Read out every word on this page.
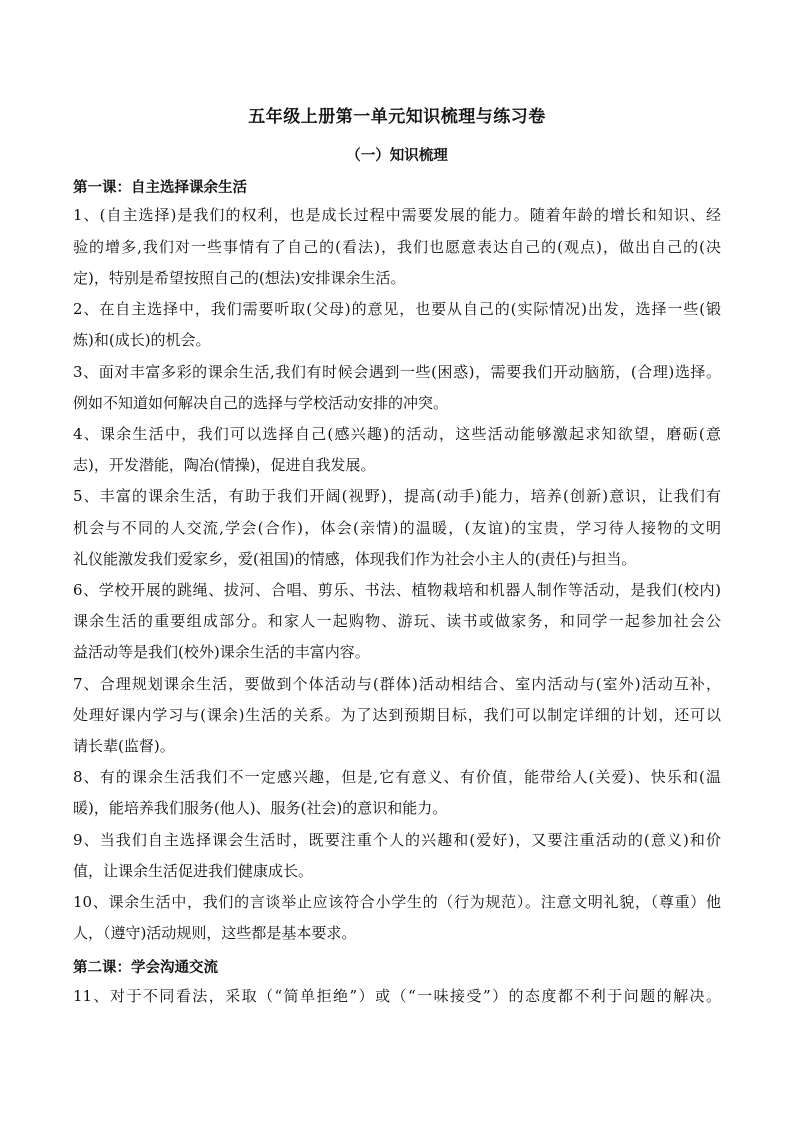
五年级上册第一单元知识梳理与练习卷
（一）知识梳理
第一课：自主选择课余生活
1、(自主选择)是我们的权利，也是成长过程中需要发展的能力。随着年龄的增长和知识、经
验的增多,我们对一些事情有了自己的(看法)，我们也愿意表达自己的(观点)，做出自己的(决
定)，特别是希望按照自己的(想法)安排课余生活。
2、在自主选择中，我们需要听取(父母)的意见，也要从自己的(实际情况)出发，选择一些(锻
炼)和(成长)的机会。
3、面对丰富多彩的课余生活,我们有时候会遇到一些(困惑)，需要我们开动脑筋，(合理)选择。
例如不知道如何解决自己的选择与学校活动安排的冲突。
4、课余生活中，我们可以选择自己(感兴趣)的活动，这些活动能够激起求知欲望，磨砺(意
志)，开发潜能，陶冶(情操)，促进自我发展。
5、丰富的课余生活，有助于我们开阔(视野)，提高(动手)能力，培养(创新)意识，让我们有
机会与不同的人交流,学会(合作)，体会(亲情)的温暖，(友谊)的宝贵，学习待人接物的文明
礼仪能激发我们爱家乡，爱(祖国)的情感，体现我们作为社会小主人的(责任)与担当。
6、学校开展的跳绳、拔河、合唱、剪乐、书法、植物栽培和机器人制作等活动，是我们(校内)
课余生活的重要组成部分。和家人一起购物、游玩、读书或做家务，和同学一起参加社会公
益活动等是我们(校外)课余生活的丰富内容。
7、合理规划课余生活，要做到个体活动与(群体)活动相结合、室内活动与(室外)活动互补，
处理好课内学习与(课余)生活的关系。为了达到预期目标，我们可以制定详细的计划，还可以
请长辈(监督)。
8、有的课余生活我们不一定感兴趣，但是,它有意义、有价值，能带给人(关爱)、快乐和(温
暖)，能培养我们服务(他人)、服务(社会)的意识和能力。
9、当我们自主选择课会生活时，既要注重个人的兴趣和(爱好)，又要注重活动的(意义)和价
值，让课余生活促进我们健康成长。
10、课余生活中，我们的言谈举止应该符合小学生的（行为规范）。注意文明礼貌，（尊重）他
人，（遵守)活动规则，这些都是基本要求。
第二课：学会沟通交流
11、对于不同看法，采取（“简单拒绝”）或（“一味接受”）的态度都不利于问题的解决。
